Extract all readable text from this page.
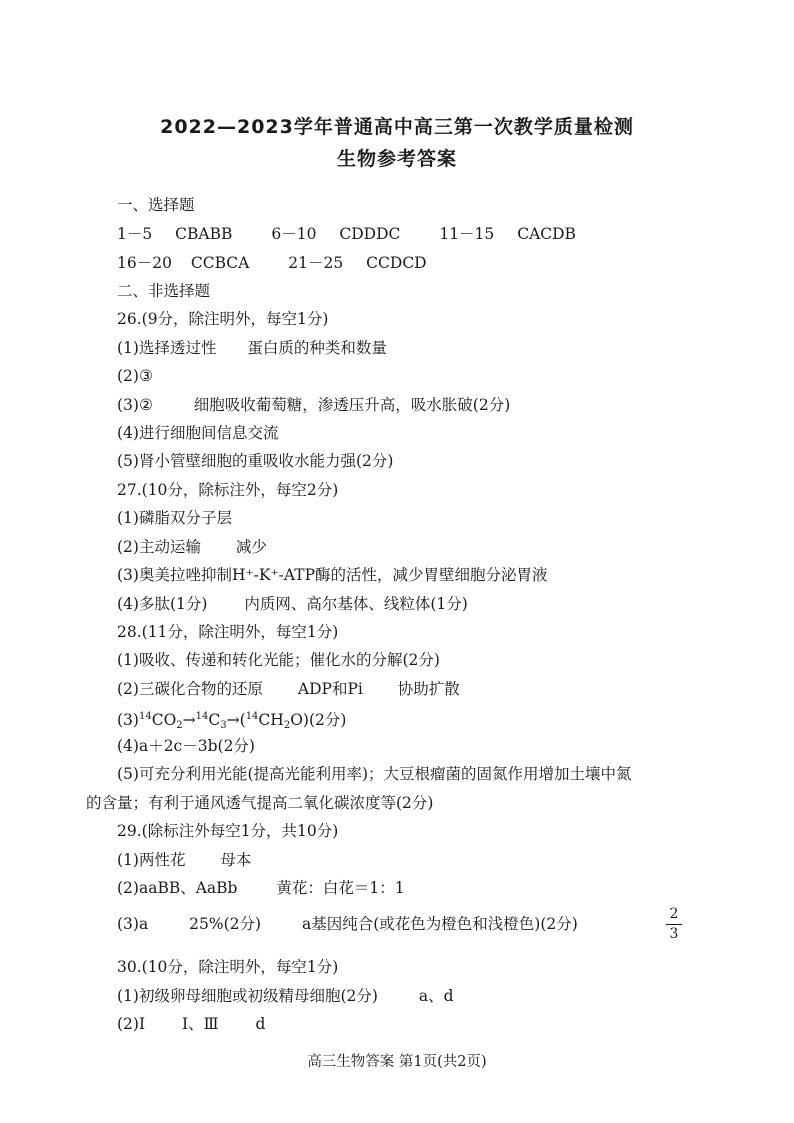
2022—2023学年普通高中高三第一次教学质量检测
生物参考答案
一、选择题
1－5 CBABB	6－10 CDDDC	11－15 CACDB
16－20 CCBCA	21－25 CCDCD
二、非选择题
26.(9分，除注明外，每空1分)
(1)选择透过性 蛋白质的种类和数量
(2)③
(3)②	细胞吸收葡萄糖，渗透压升高，吸水胀破(2分)
(4)进行细胞间信息交流
(5)肾小管壁细胞的重吸收水能力强(2分)
27.(10分，除标注外，每空2分)
(1)磷脂双分子层
(2)主动运输 减少
(3)奥美拉唑抑制H⁺-K⁺-ATP酶的活性，减少胃壁细胞分泌胃液
(4)多肽(1分) 内质网、高尔基体、线粒体(1分)
28.(11分，除注明外，每空1分)
(1)吸收、传递和转化光能；催化水的分解(2分)
(2)三碳化合物的还原 ADP和Pi 协助扩散
$(3)^{14}CO_2\to^{14}C_3\to(^{14}CH_2O)(2$分)
(4)a＋2c－3b(2分)
(5)可充分利用光能(提高光能利用率)；大豆根瘤菌的固氮作用增加土壤中氮
的含量；有利于通风透气提高二氧化碳浓度等(2分)
29.(除标注外每空1分，共10分)
(1)两性花 母本
(2)aaBB、AaBb	黄花：白花＝1：1
(3)a	25%(2分)	a基因纯合(或花色为橙色和浅橙色)(2分)
2
3
30.(10分，除注明外，每空1分)
(1)初级卵母细胞或初级精母细胞(2分)	a、d
(2)Ⅰ Ⅰ、Ⅲ d
高三生物答案 第1页(共2页)
